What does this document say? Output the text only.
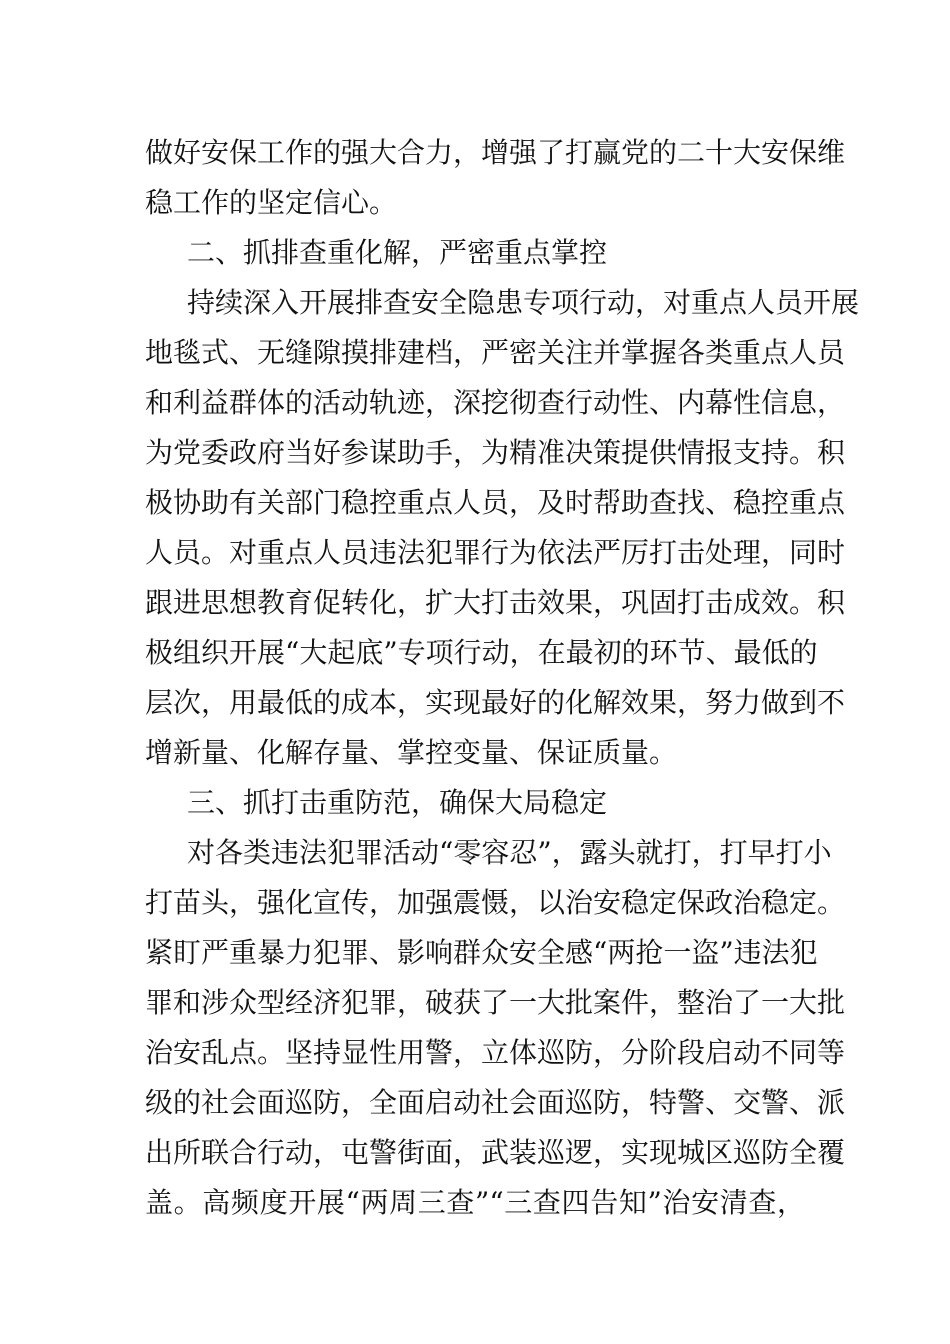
做好安保工作的强大合力，增强了打赢党的二十大安保维
稳工作的坚定信心。
二、抓排查重化解，严密重点掌控
持续深入开展排查安全隐患专项行动，对重点人员开展
地毯式、无缝隙摸排建档，严密关注并掌握各类重点人员
和利益群体的活动轨迹，深挖彻查行动性、内幕性信息，
为党委政府当好参谋助手，为精准决策提供情报支持。积
极协助有关部门稳控重点人员，及时帮助查找、稳控重点
人员。对重点人员违法犯罪行为依法严厉打击处理，同时
跟进思想教育促转化，扩大打击效果，巩固打击成效。积
极组织开展“大起底”专项行动，在最初的环节、最低的
层次，用最低的成本，实现最好的化解效果，努力做到不
增新量、化解存量、掌控变量、保证质量。
三、抓打击重防范，确保大局稳定
对各类违法犯罪活动“零容忍”，露头就打，打早打小
打苗头，强化宣传，加强震慑，以治安稳定保政治稳定。
紧盯严重暴力犯罪、影响群众安全感“两抢一盗”违法犯
罪和涉众型经济犯罪，破获了一大批案件，整治了一大批
治安乱点。坚持显性用警，立体巡防，分阶段启动不同等
级的社会面巡防，全面启动社会面巡防，特警、交警、派
出所联合行动，屯警街面，武装巡逻，实现城区巡防全覆
盖。高频度开展“两周三查”“三查四告知”治安清查，
